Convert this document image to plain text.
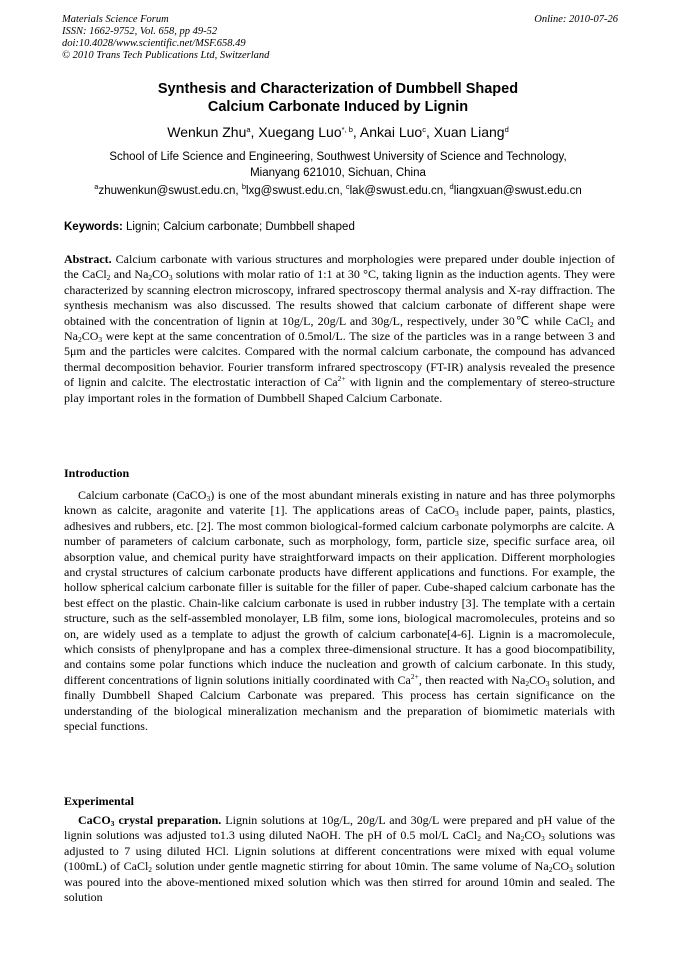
Materials Science Forum
ISSN: 1662-9752, Vol. 658, pp 49-52
doi:10.4028/www.scientific.net/MSF.658.49
© 2010 Trans Tech Publications Ltd, Switzerland
Online: 2010-07-26
Synthesis and Characterization of Dumbbell Shaped
Calcium Carbonate Induced by Lignin
Wenkun Zhu$^a$, Xuegang Luo$^{*, b}$, Ankai Luo$^c$, Xuan Liang$^d$
School of Life Science and Engineering, Southwest University of Science and Technology,
Mianyang 621010, Sichuan, China
$^a$zhuwenkun@swust.edu.cn, $^b$lxg@swust.edu.cn, $^c$lak@swust.edu.cn, $^d$liangxuan@swust.edu.cn
Keywords: Lignin; Calcium carbonate; Dumbbell shaped
Abstract. Calcium carbonate with various structures and morphologies were prepared under double injection of the CaCl$_2$ and $Na_2CO_3$ solutions with molar ratio of 1:1 at 30 °C, taking lignin as the induction agents. They were characterized by scanning electron microscopy, infrared spectroscopy thermal analysis and X-ray diffraction. The synthesis mechanism was also discussed. The results showed that calcium carbonate of different shape were obtained with the concentration of lignin at 10g/L, 20g/L and 30g/L, respectively, under 30℃ while CaCl$_2$ and $Na_2CO_3$ were kept at the same concentration of 0.5mol/L. The size of the particles was in a range between 3 and 5μm and the particles were calcites. Compared with the normal calcium carbonate, the compound has advanced thermal decomposition behavior. Fourier transform infrared spectroscopy (FT-IR) analysis revealed the presence of lignin and calcite. The electrostatic interaction of $Ca^{2+}$ with lignin and the complementary of stereo-structure play important roles in the formation of Dumbbell Shaped Calcium Carbonate.
Introduction
Calcium carbonate (CaCO$_3$) is one of the most abundant minerals existing in nature and has three polymorphs known as calcite, aragonite and vaterite [1]. The applications areas of CaCO$_3$ include paper, paints, plastics, adhesives and rubbers, etc. [2]. The most common biological-formed calcium carbonate polymorphs are calcite. A number of parameters of calcium carbonate, such as morphology, form, particle size, specific surface area, oil absorption value, and chemical purity have straightforward impacts on their application. Different morphologies and crystal structures of calcium carbonate products have different applications and functions. For example, the hollow spherical calcium carbonate filler is suitable for the filler of paper. Cube-shaped calcium carbonate has the best effect on the plastic. Chain-like calcium carbonate is used in rubber industry [3]. The template with a certain structure, such as the self-assembled monolayer, LB film, some ions, biological macromolecules, proteins and so on, are widely used as a template to adjust the growth of calcium carbonate[4-6]. Lignin is a macromolecule, which consists of phenylpropane and has a complex three-dimensional structure. It has a good biocompatibility, and contains some polar functions which induce the nucleation and growth of calcium carbonate. In this study, different concentrations of lignin solutions initially coordinated with $Ca^{2+}$, then reacted with $Na_2CO_3$ solution, and finally Dumbbell Shaped Calcium Carbonate was prepared. This process has certain significance on the understanding of the biological mineralization mechanism and the preparation of biomimetic materials with special functions.
Experimental
CaCO$_3$ crystal preparation. Lignin solutions at 10g/L, 20g/L and 30g/L were prepared and pH value of the lignin solutions was adjusted to1.3 using diluted NaOH. The pH of 0.5 mol/L CaCl$_2$ and $Na_2CO_3$ solutions was adjusted to 7 using diluted HCl. Lignin solutions at different concentrations were mixed with equal volume (100mL) of CaCl$_2$ solution under gentle magnetic stirring for about 10min. The same volume of $Na_2CO_3$ solution was poured into the above-mentioned mixed solution which was then stirred for around 10min and sealed. The solution
